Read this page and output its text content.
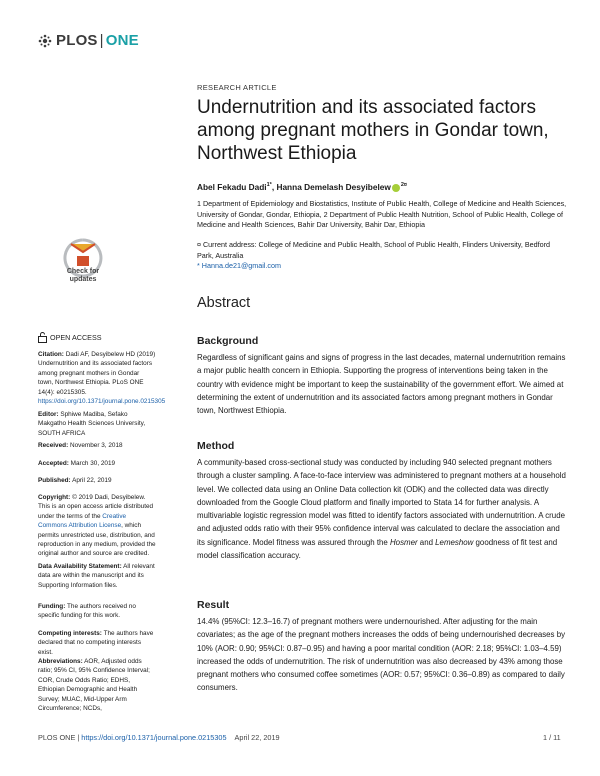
PLOS | ONE
RESEARCH ARTICLE
Undernutrition and its associated factors
among pregnant mothers in Gondar town,
Northwest Ethiopia
Abel Fekadu Dadi$^{1*}$, Hanna Demelash Desyibelew $^{2¤}$
1 Department of Epidemiology and Biostatistics, Institute of Public Health, College of Medicine and Health Sciences, University of Gondar, Gondar, Ethiopia, 2 Department of Public Health Nutrition, School of Public Health, College of Medicine and Health Sciences, Bahir Dar University, Bahir Dar, Ethiopia
¤ Current address: College of Medicine and Public Health, School of Public Health, Flinders University, Bedford Park, Australia
* Hanna.de21@gmail.com
Check for
updates
OPEN ACCESS
Citation: Dadi AF, Desyibelew HD (2019) Undernutrition and its associated factors among pregnant mothers in Gondar town, Northwest Ethiopia. PLoS ONE 14(4): e0215305. https://doi.org/10.1371/journal.pone.0215305
Editor: Sphiwe Madiba, Sefako Makgatho Health Sciences University, SOUTH AFRICA
Received: November 3, 2018
Accepted: March 30, 2019
Published: April 22, 2019
Copyright: © 2019 Dadi, Desyibelew. This is an open access article distributed under the terms of the Creative Commons Attribution License, which permits unrestricted use, distribution, and reproduction in any medium, provided the original author and source are credited.
Data Availability Statement: All relevant data are within the manuscript and its Supporting Information files.
Funding: The authors received no specific funding for this work.
Competing interests: The authors have declared that no competing interests exist.
Abbreviations: AOR, Adjusted odds ratio; 95% CI, 95% Confidence Interval; COR, Crude Odds Ratio; EDHS, Ethiopian Demographic and Health Survey; MUAC, Mid-Upper Arm Circumference; NCDs,
Abstract
Background
Regardless of significant gains and signs of progress in the last decades, maternal undernutrition remains a major public health concern in Ethiopia. Supporting the progress of interventions being taken in the country with evidence might be important to keep the sustainability of the government effort. We aimed at determining the extent of undernutrition and its associated factors among pregnant mothers in Gondar town, Northwest Ethiopia.
Method
A community-based cross-sectional study was conducted by including 940 selected pregnant mothers through a cluster sampling. A face-to-face interview was administered to pregnant mothers at a household level. We collected data using an Online Data collection kit (ODK) and the collected data was directly downloaded from the Google Cloud platform and finally imported to Stata 14 for further analysis. A multivariable logistic regression model was fitted to identify factors associated with undernutrition. A crude and adjusted odds ratio with their 95% confidence interval was calculated to declare the association and its significance. Model fitness was assured through the Hosmer and Lemeshow goodness of fit test and model classification accuracy.
Result
14.4% (95%CI: 12.3–16.7) of pregnant mothers were undernourished. After adjusting for the main covariates; as the age of the pregnant mothers increases the odds of being undernourished decreases by 10% (AOR: 0.90; 95%CI: 0.87–0.95) and having a poor marital condition (AOR: 2.18; 95%CI: 1.03–4.59) increased the odds of undernutrition. The risk of undernutrition was also decreased by 43% among those pregnant mothers who consumed coffee sometimes (AOR: 0.57; 95%CI: 0.36–0.89) as compared to daily consumers.
PLOS ONE | https://doi.org/10.1371/journal.pone.0215305 April 22, 2019	1 / 11
